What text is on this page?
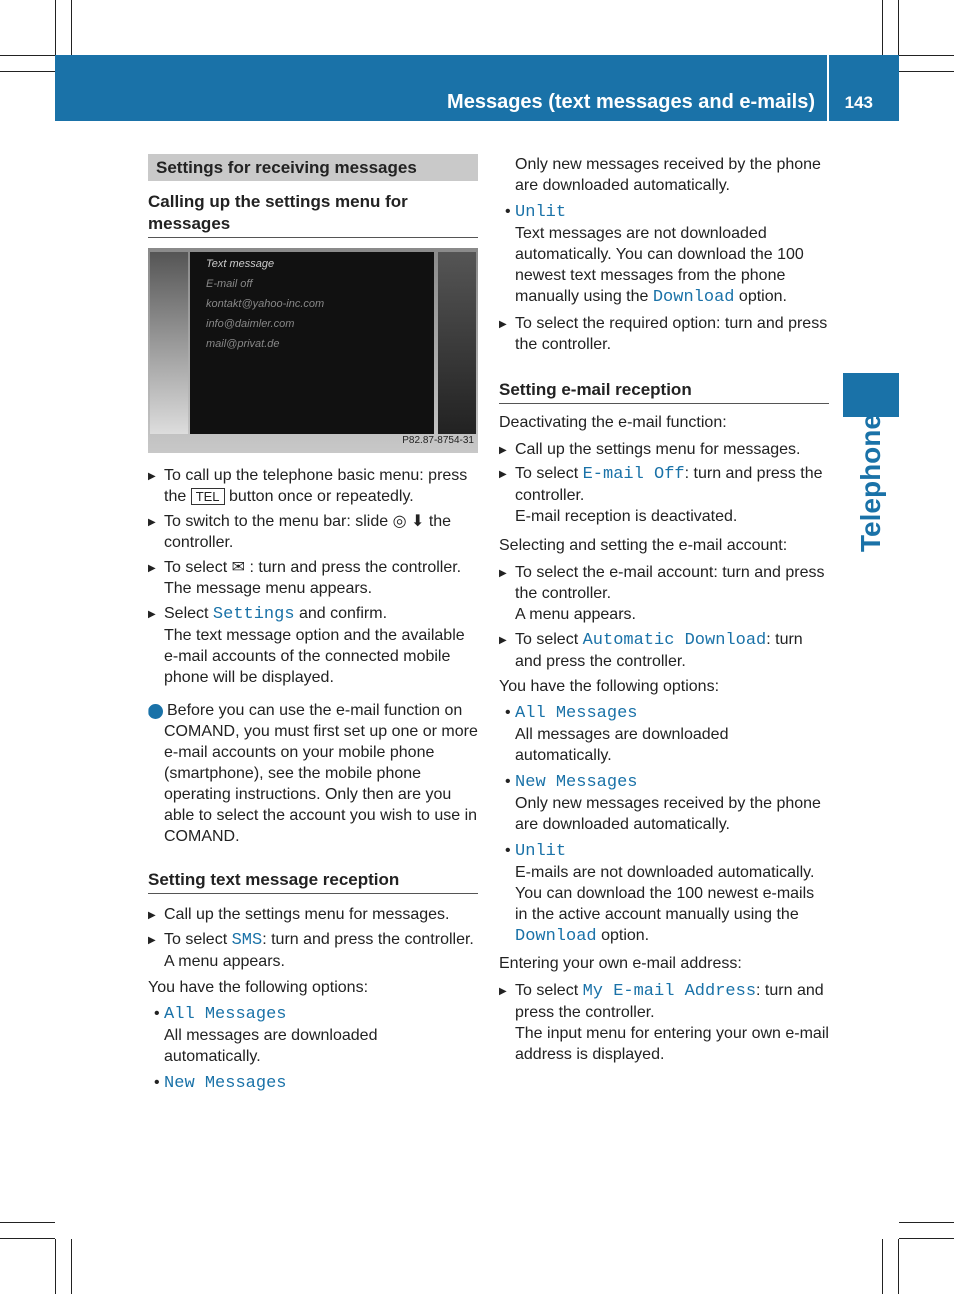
Messages (text messages and e-mails) 143
Telephone
Settings for receiving messages
Calling up the settings menu for messages
Text message
E-mail off
kontakt@yahoo-inc.com
info@daimler.com
mail@privat.de
P82.87-8754-31
▶ To call up the telephone basic menu: press the TEL button once or repeatedly.
▶ To switch to the menu bar: slide ◎ ⬇ the controller.
▶ To select ✉ : turn and press the controller.
The message menu appears.
▶ Select Settings and confirm.
The text message option and the available e-mail accounts of the connected mobile phone will be displayed.
i Before you can use the e-mail function on COMAND, you must first set up one or more e-mail accounts on your mobile phone (smartphone), see the mobile phone operating instructions. Only then are you able to select the account you wish to use in COMAND.
Setting text message reception
▶ Call up the settings menu for messages.
▶ To select SMS: turn and press the controller.
A menu appears.
You have the following options:
• All Messages
All messages are downloaded automatically.
• New Messages
Only new messages received by the phone are downloaded automatically.
• Unlit
Text messages are not downloaded automatically. You can download the 100 newest text messages from the phone manually using the Download option.
▶ To select the required option: turn and press the controller.
Setting e-mail reception
Deactivating the e-mail function:
▶ Call up the settings menu for messages.
▶ To select E-mail Off: turn and press the controller.
E-mail reception is deactivated.
Selecting and setting the e-mail account:
▶ To select the e-mail account: turn and press the controller.
A menu appears.
▶ To select Automatic Download: turn and press the controller.
You have the following options:
• All Messages
All messages are downloaded automatically.
• New Messages
Only new messages received by the phone are downloaded automatically.
• Unlit
E-mails are not downloaded automatically. You can download the 100 newest e-mails in the active account manually using the Download option.
Entering your own e-mail address:
▶ To select My E-mail Address: turn and press the controller.
The input menu for entering your own e-mail address is displayed.
